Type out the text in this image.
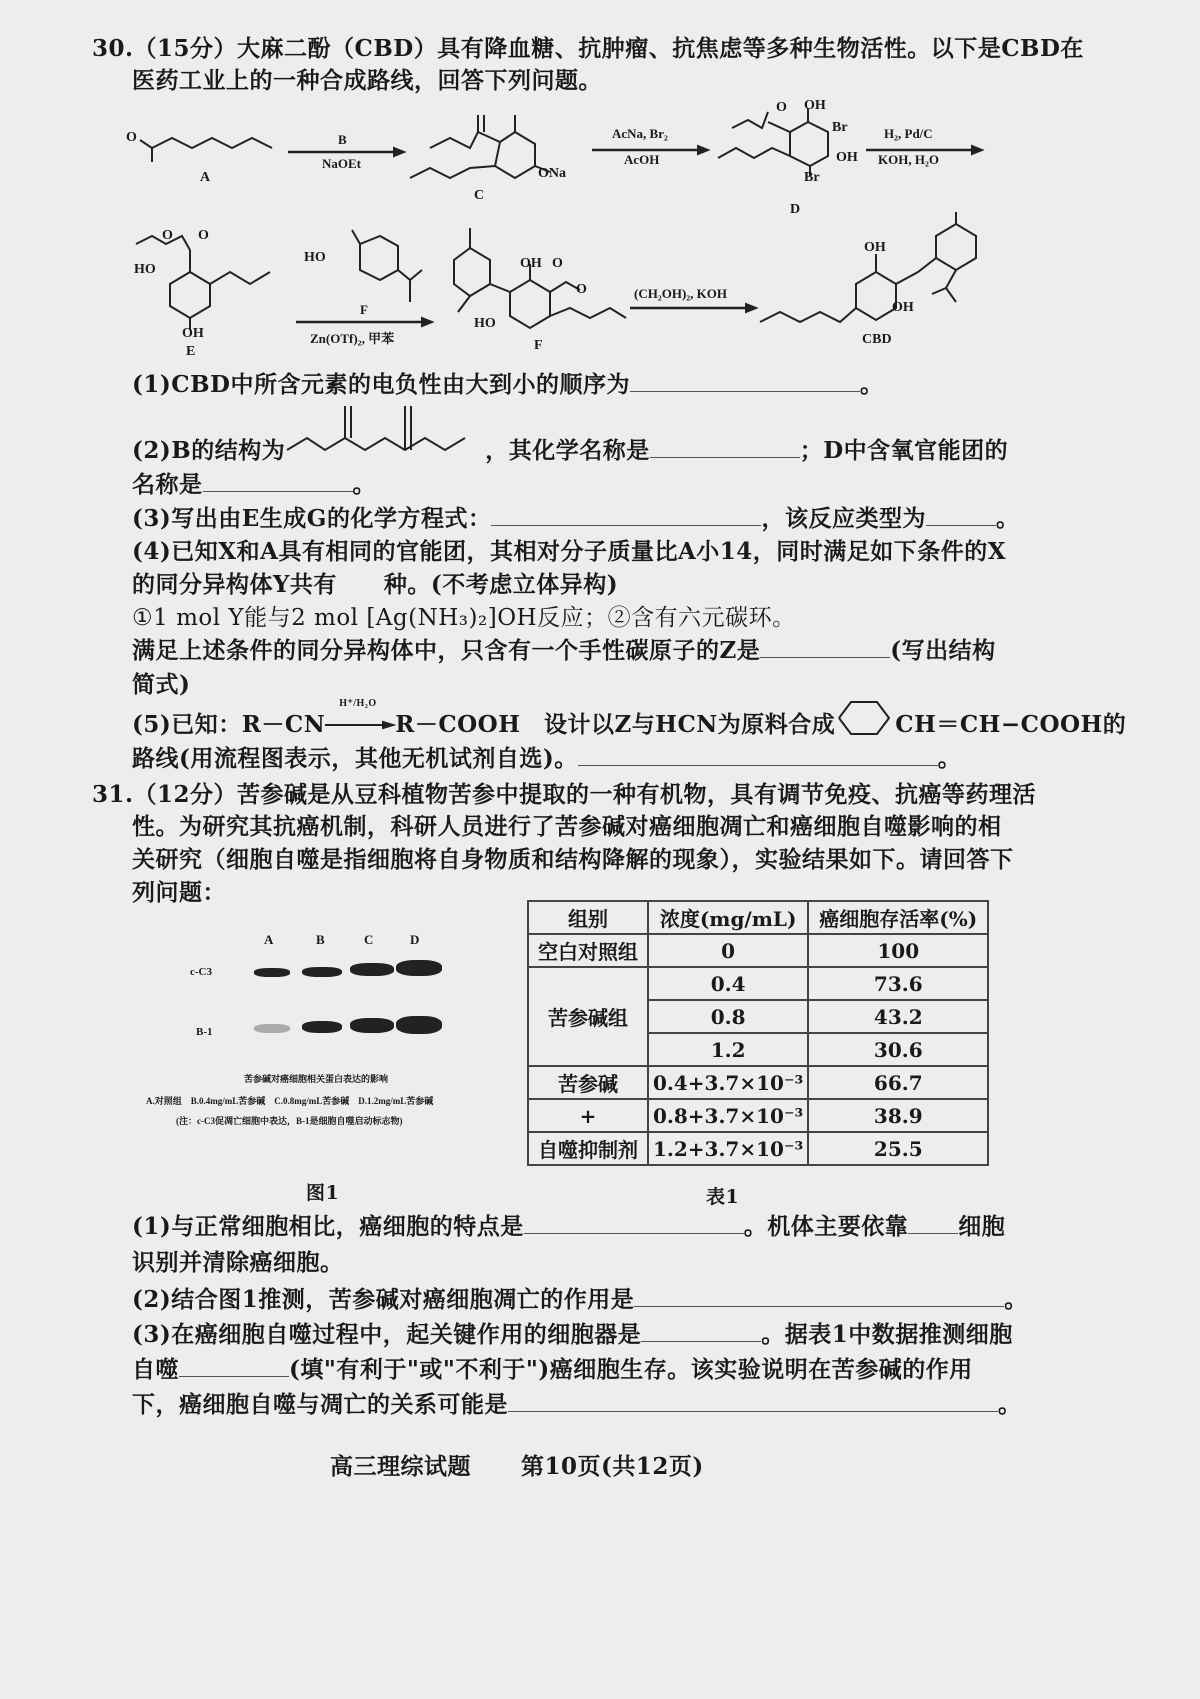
30.（15分）大麻二酚（CBD）具有降血糖、抗肿瘤、抗焦虑等多种生物活性。以下是CBD在
医药工业上的一种合成路线，回答下列问题。
O
A
B
NaOEt
ONa
C
AcNa, Br₂
AcOH
O OH
Br
OH
Br
D
H₂, Pd/C
KOH, H₂O
O O
HO
OH
E
HO
F
Zn(OTf)₂, 甲苯
OH O
O
HO
F
(CH₂OH)₂, KOH
OH
OH
CBD
(1)CBD中所含元素的电负性由大到小的顺序为	。
(2)B的结构为	，其化学名称是	；D中含氧官能团的
名称是	。
(3)写出由E生成G的化学方程式：	，该反应类型为	。
(4)已知X和A具有相同的官能团，其相对分子质量比A小14，同时满足如下条件的X
的同分异构体Y共有　　种。(不考虑立体异构)
①1 mol Y能与2 mol [Ag(NH₃)₂]OH反应；②含有六元碳环。
满足上述条件的同分异构体中，只含有一个手性碳原子的Z是	(写出结构
简式)
(5)已知：R－CN
H⁺/H₂O
R－COOH　设计以Z与HCN为原料合成	CH＝CH−COOH的
路线(用流程图表示，其他无机试剂自选)。	。
31.（12分）苦参碱是从豆科植物苦参中提取的一种有机物，具有调节免疫、抗癌等药理活
性。为研究其抗癌机制，科研人员进行了苦参碱对癌细胞凋亡和癌细胞自噬影响的相
关研究（细胞自噬是指细胞将自身物质和结构降解的现象），实验结果如下。请回答下
列问题：
A	B	C	D
c-C3
B-1
苦参碱对癌细胞相关蛋白表达的影响
A.对照组　B.0.4mg/mL苦参碱　C.0.8mg/mL苦参碱　D.1.2mg/mL苦参碱
(注：c-C3促凋亡细胞中表达，B-1是细胞自噬启动标志物)
图1
组别	浓度(mg/mL)	癌细胞存活率(%)
空白对照组	0	100
苦参碱组	0.4	73.6
	0.8	43.2
	1.2	30.6
苦参碱	0.4+3.7×10⁻³	66.7
+	0.8+3.7×10⁻³	38.9
自噬抑制剂	1.2+3.7×10⁻³	25.5
表1
(1)与正常细胞相比，癌细胞的特点是	。机体主要依靠 细胞
识别并清除癌细胞。
(2)结合图1推测，苦参碱对癌细胞凋亡的作用是	。
(3)在癌细胞自噬过程中，起关键作用的细胞器是	。据表1中数据推测细胞
自噬	(填"有利于"或"不利于")癌细胞生存。该实验说明在苦参碱的作用
下，癌细胞自噬与凋亡的关系可能是	。
高三理综试题 第10页(共12页)
